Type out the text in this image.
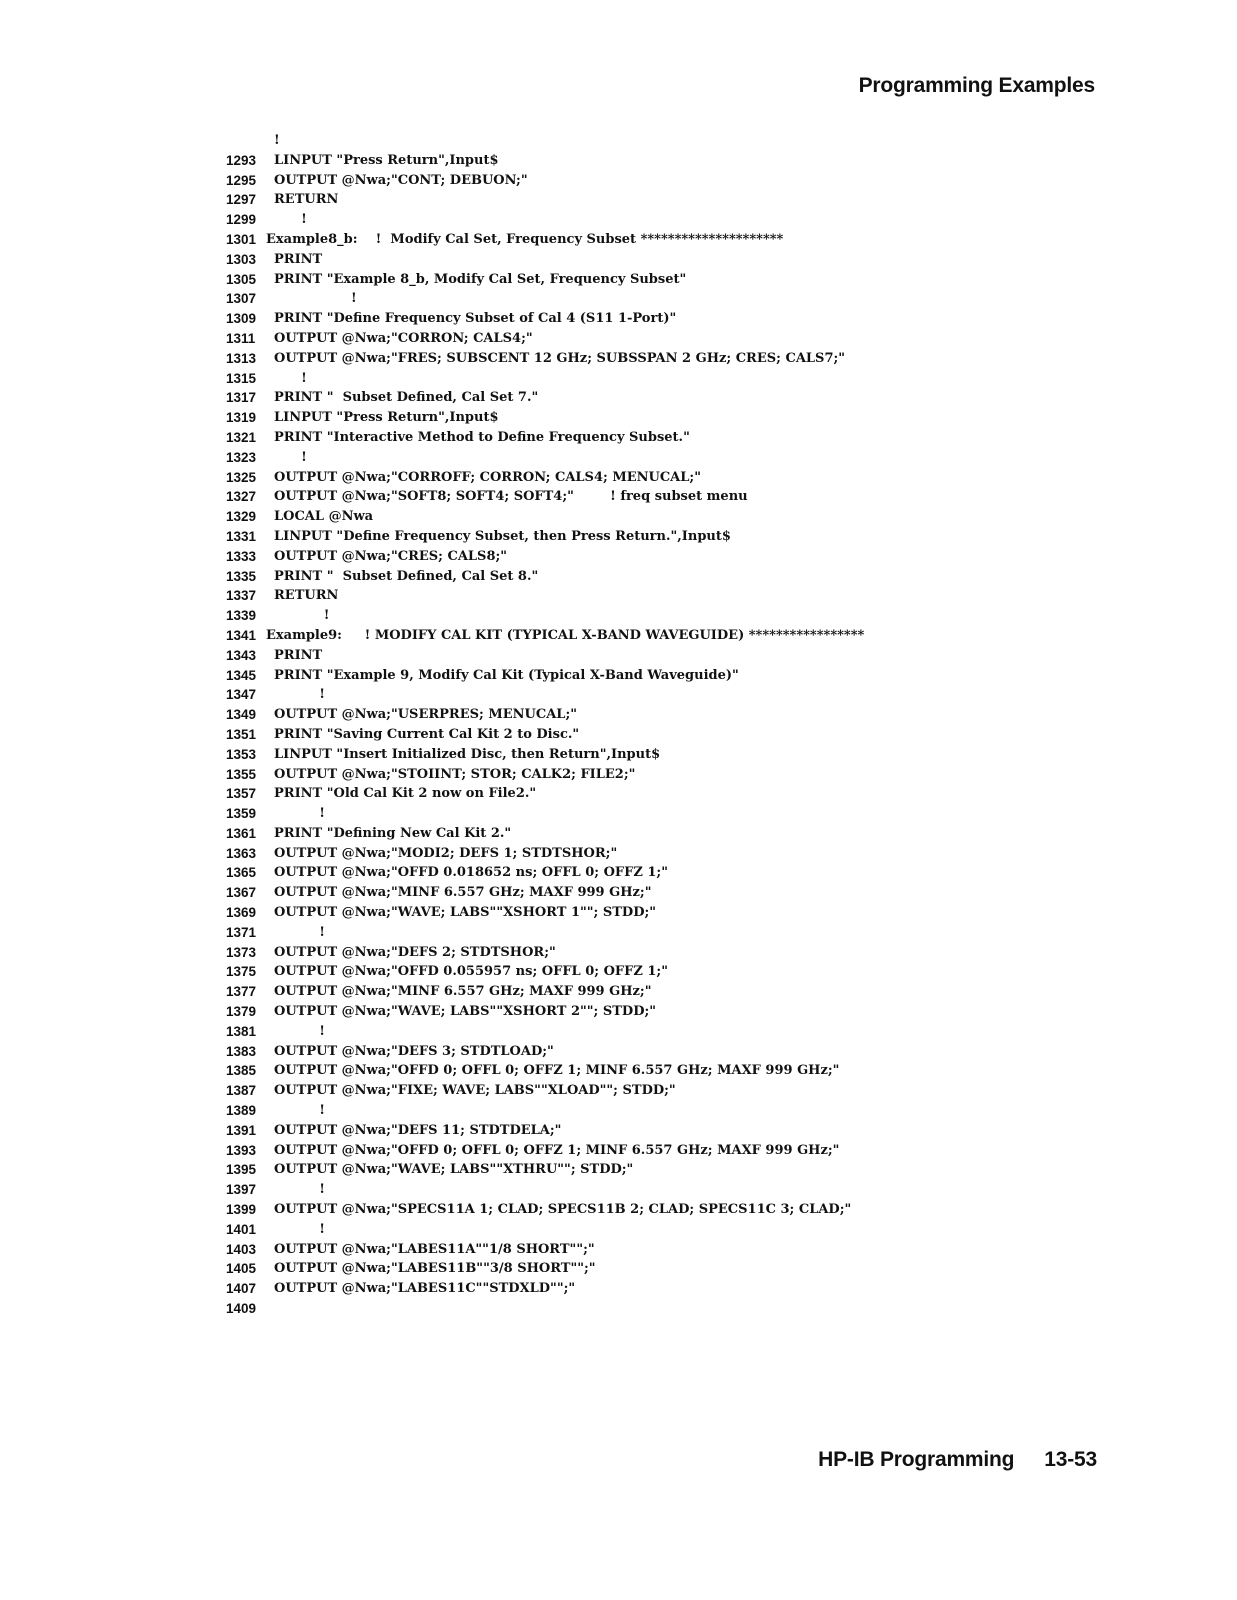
Programming Examples
!
1293	LINPUT "Press Return",Input$
1295	OUTPUT @Nwa;"CONT; DEBUON;"
1297	RETURN
1299	!
1301 Example8_b:    !  Modify Cal Set, Frequency Subset *********************
1303	PRINT
1305	PRINT "Example 8_b, Modify Cal Set, Frequency Subset"
1307	!
1309	PRINT "Define Frequency Subset of Cal 4 (S11 1-Port)"
1311	OUTPUT @Nwa;"CORRON; CALS4;"
1313	OUTPUT @Nwa;"FRES; SUBSCENT 12 GHz; SUBSSPAN 2 GHz; CRES; CALS7;"
1315	!
1317	PRINT "  Subset Defined, Cal Set 7."
1319	LINPUT "Press Return",Input$
1321	PRINT "Interactive Method to Define Frequency Subset."
1323	!
1325	OUTPUT @Nwa;"CORROFF; CORRON; CALS4; MENUCAL;"
1327	OUTPUT @Nwa;"SOFT8; SOFT4; SOFT4;"        ! freq subset menu
1329	LOCAL @Nwa
1331	LINPUT "Define Frequency Subset, then Press Return.",Input$
1333	OUTPUT @Nwa;"CRES; CALS8;"
1335	PRINT "  Subset Defined, Cal Set 8."
1337	RETURN
1339	!
1341 Example9:     ! MODIFY CAL KIT (TYPICAL X-BAND WAVEGUIDE) *****************
1343	PRINT
1345	PRINT "Example 9, Modify Cal Kit (Typical X-Band Waveguide)"
1347	!
1349	OUTPUT @Nwa;"USERPRES; MENUCAL;"
1351	PRINT "Saving Current Cal Kit 2 to Disc."
1353	LINPUT "Insert Initialized Disc, then Return",Input$
1355	OUTPUT @Nwa;"STOIINT; STOR; CALK2; FILE2;"
1357	PRINT "Old Cal Kit 2 now on File2."
1359	!
1361	PRINT "Defining New Cal Kit 2."
1363	OUTPUT @Nwa;"MODI2; DEFS 1; STDTSHOR;"
1365	OUTPUT @Nwa;"OFFD 0.018652 ns; OFFL 0; OFFZ 1;"
1367	OUTPUT @Nwa;"MINF 6.557 GHz; MAXF 999 GHz;"
1369	OUTPUT @Nwa;"WAVE; LABS""XSHORT 1""; STDD;"
1371	!
1373	OUTPUT @Nwa;"DEFS 2; STDTSHOR;"
1375	OUTPUT @Nwa;"OFFD 0.055957 ns; OFFL 0; OFFZ 1;"
1377	OUTPUT @Nwa;"MINF 6.557 GHz; MAXF 999 GHz;"
1379	OUTPUT @Nwa;"WAVE; LABS""XSHORT 2""; STDD;"
1381	!
1383	OUTPUT @Nwa;"DEFS 3; STDTLOAD;"
1385	OUTPUT @Nwa;"OFFD 0; OFFL 0; OFFZ 1; MINF 6.557 GHz; MAXF 999 GHz;"
1387	OUTPUT @Nwa;"FIXE; WAVE; LABS""XLOAD""; STDD;"
1389	!
1391	OUTPUT @Nwa;"DEFS 11; STDTDELA;"
1393	OUTPUT @Nwa;"OFFD 0; OFFL 0; OFFZ 1; MINF 6.557 GHz; MAXF 999 GHz;"
1395	OUTPUT @Nwa;"WAVE; LABS""XTHRU""; STDD;"
1397	!
1399	OUTPUT @Nwa;"SPECS11A 1; CLAD; SPECS11B 2; CLAD; SPECS11C 3; CLAD;"
1401	!
1403	OUTPUT @Nwa;"LABES11A""1/8 SHORT"";"
1405	OUTPUT @Nwa;"LABES11B""3/8 SHORT"";"
1407	OUTPUT @Nwa;"LABES11C""STDXLD"";"
1409
HP-IB Programming 13-53
